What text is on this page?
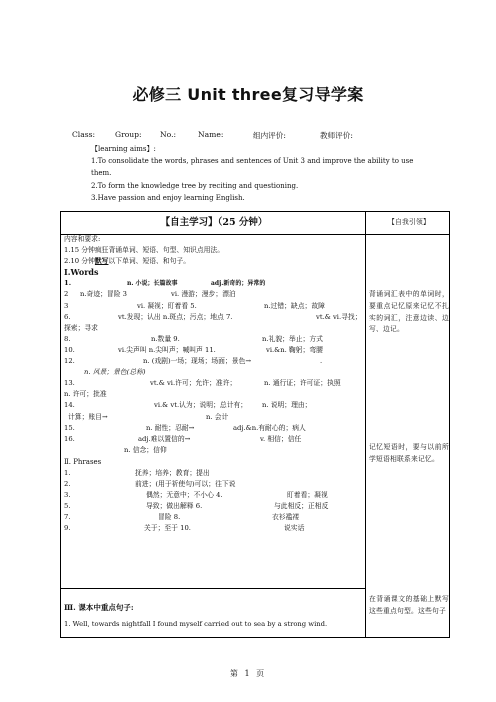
必修三 Unit three复习导学案
Class:	Group:	No.:	Name:	组内评价:	教师评价:
【learning aims】:
1.To consolidate the words, phrases and sentences of Unit 3 and improve the ability to use
them.
2.To form the knowledge tree by reciting and questioning.
3.Have passion and enjoy learning English.
【自主学习】（25 分钟）
内容和要求:
1.15 分钟疯狂背诵单词、短语、句型、知识点用法。
2.10 分钟默写以下单词、短语、和句子。
I.Words
1.	n. 小说；长篇故事	adj.新奇的；异常的
2 n.奇迹；冒险 3	vi. 漫游；漫步；漂泊
3	vi. 凝视；盯着看 5.	n.过错；缺点；故障
6.	vt.发现；认出 n.斑点；污点；地点 7.	vt.& vi.寻找；
探索；寻求
8.	n.数量 9.	n.礼貌；举止；方式
10.	vi.尖声叫 n.尖叫声；喊叫声 11.	vi.&n. 鞠躬；弯腰
12.	n. (戏剧)一场；现场；场面；景色→	.
n. 风景；景色(总称)
13.	vt.& vi.许可；允许；准许；	n. 通行证；许可证；执照
n. 许可；批准
14.	vi.& vt.认为；说明；总计有； n. 说明；理由；
计算；账目→	n. 会计
15.	n. 耐性；忍耐→	adj.&n.有耐心的；病人
16.	adj.难以置信的→	v. 相信；信任
n. 信念；信仰
Ⅱ. Phrases
1.	抚养；培养；教育；提出
2.	前进；(用于祈使句)可以；往下说
3.	偶然；无意中；不小心 4.	盯着看；凝视
5.	导致；做出解释 6.	与此相反；正相反
7.	冒险 8.	衣衫褴褛
9.	关于；至于 10.	说实话
Ⅲ. 课本中重点句子:
1. Well, towards nightfall I found myself carried out to sea by a strong wind.
【自我引领】
背诵词汇表中的单词时，要重点记忆原来记忆不扎实的词汇，注意边读、边写、边记。
记忆短语时，要与以前所学短语相联系来记忆。
在背诵课文的基础上默写这些重点句型。这些句子
第 1 页
